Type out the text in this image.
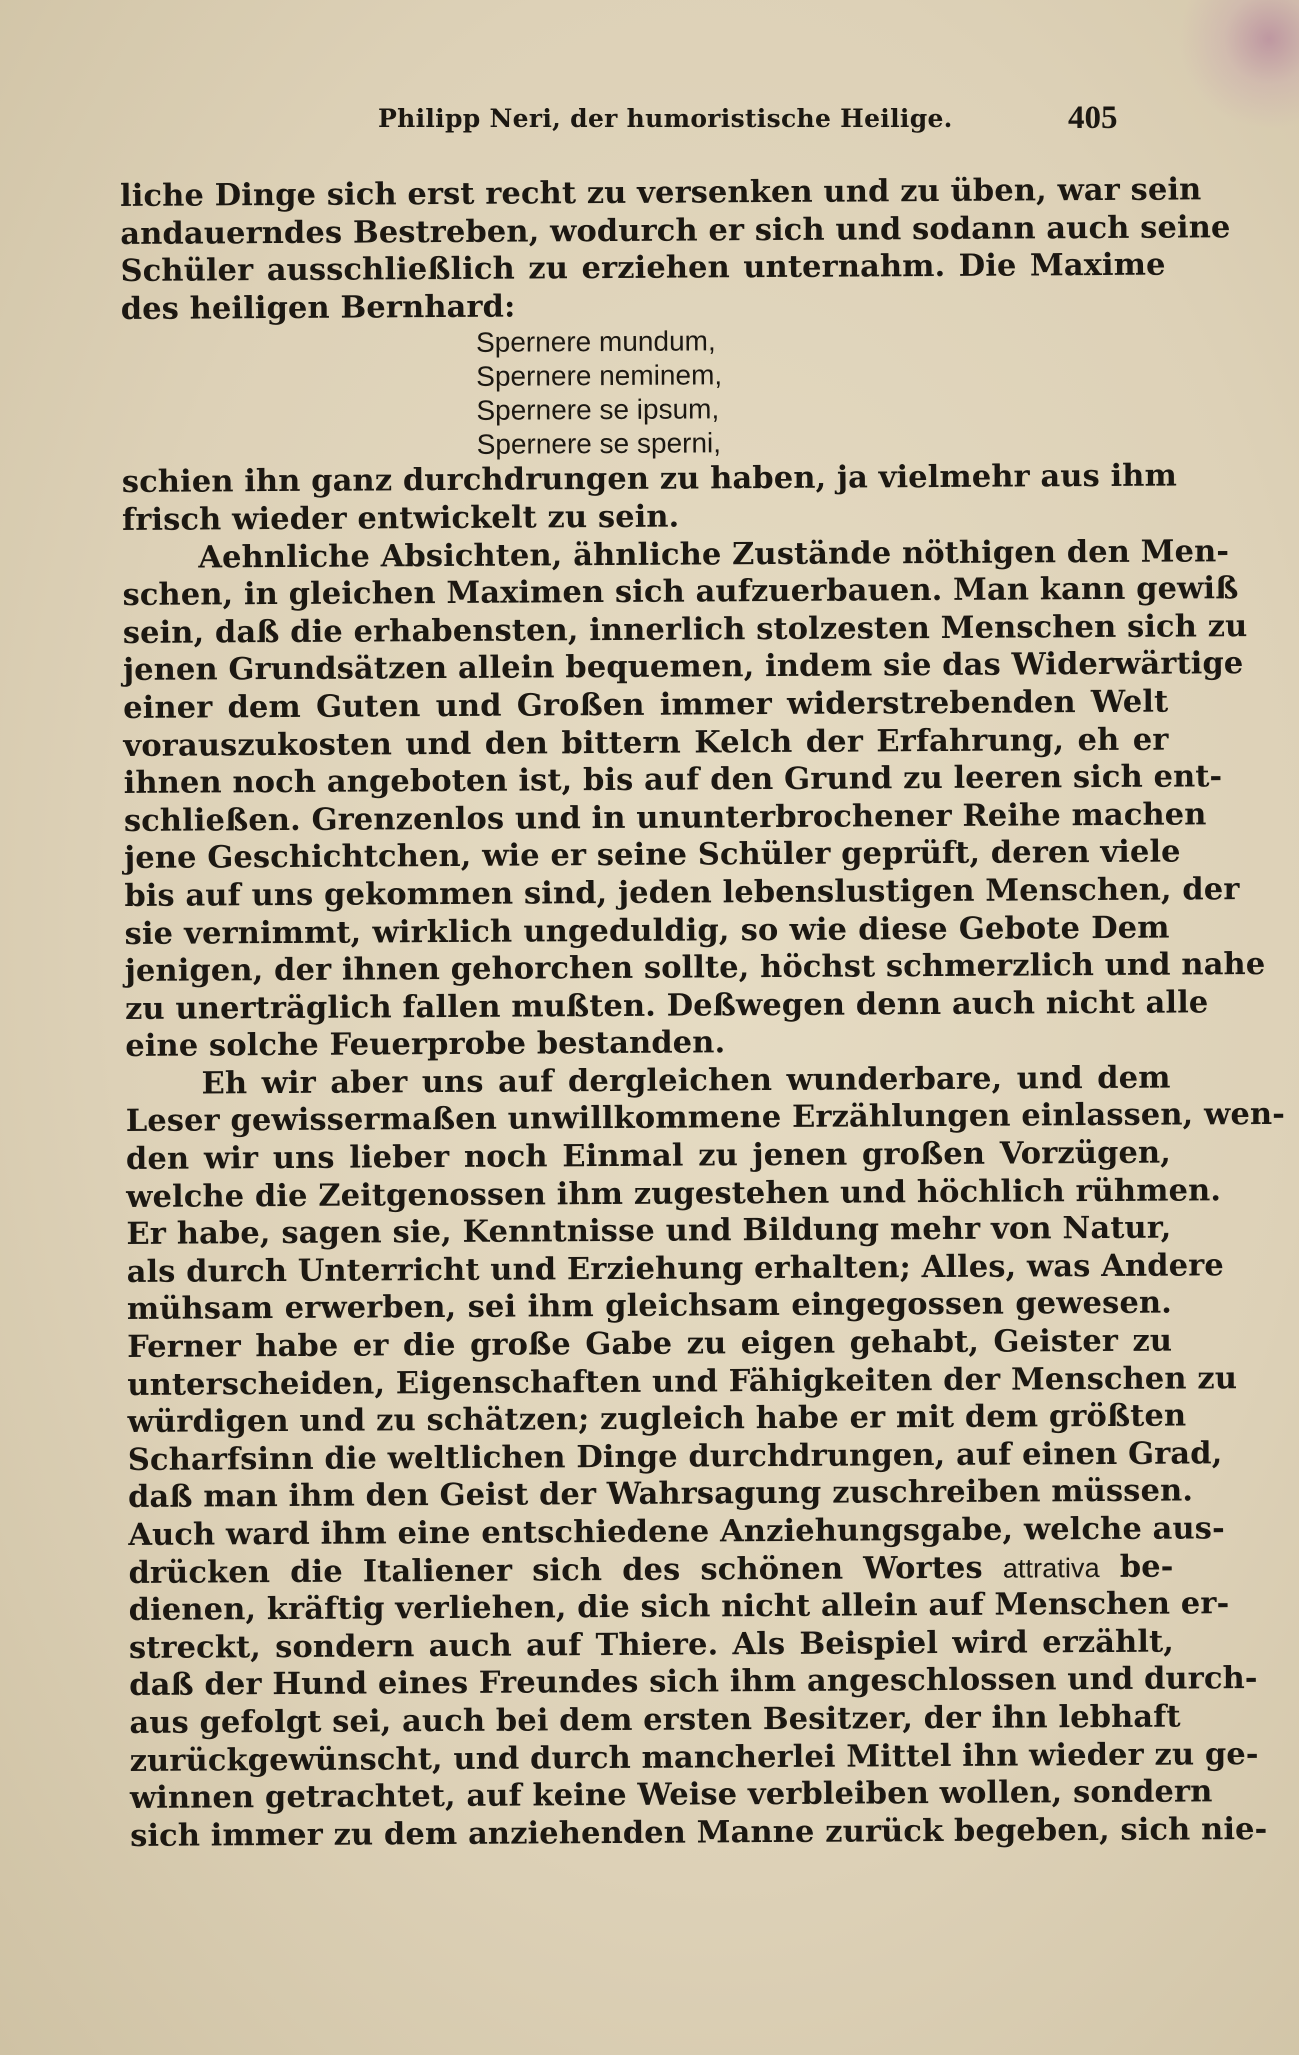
Philipp Neri, der humoristische Heilige.	405
liche Dinge sich erst recht zu versenken und zu üben, war sein
andauerndes Bestreben, wodurch er sich und sodann auch seine
Schüler ausschließlich zu erziehen unternahm. Die Maxime
des heiligen Bernhard:
Spernere mundum,
Spernere neminem,
Spernere se ipsum,
Spernere se sperni,
schien ihn ganz durchdrungen zu haben, ja vielmehr aus ihm
frisch wieder entwickelt zu sein.
Aehnliche Absichten, ähnliche Zustände nöthigen den Men-
schen, in gleichen Maximen sich aufzuerbauen. Man kann gewiß
sein, daß die erhabensten, innerlich stolzesten Menschen sich zu
jenen Grundsätzen allein bequemen, indem sie das Widerwärtige
einer dem Guten und Großen immer widerstrebenden Welt
vorauszukosten und den bittern Kelch der Erfahrung, eh er
ihnen noch angeboten ist, bis auf den Grund zu leeren sich ent-
schließen. Grenzenlos und in ununterbrochener Reihe machen
jene Geschichtchen, wie er seine Schüler geprüft, deren viele
bis auf uns gekommen sind, jeden lebenslustigen Menschen, der
sie vernimmt, wirklich ungeduldig, so wie diese Gebote Dem
jenigen, der ihnen gehorchen sollte, höchst schmerzlich und nahe
zu unerträglich fallen mußten. Deßwegen denn auch nicht alle
eine solche Feuerprobe bestanden.
Eh wir aber uns auf dergleichen wunderbare, und dem
Leser gewissermaßen unwillkommene Erzählungen einlassen, wen-
den wir uns lieber noch Einmal zu jenen großen Vorzügen,
welche die Zeitgenossen ihm zugestehen und höchlich rühmen.
Er habe, sagen sie, Kenntnisse und Bildung mehr von Natur,
als durch Unterricht und Erziehung erhalten; Alles, was Andere
mühsam erwerben, sei ihm gleichsam eingegossen gewesen.
Ferner habe er die große Gabe zu eigen gehabt, Geister zu
unterscheiden, Eigenschaften und Fähigkeiten der Menschen zu
würdigen und zu schätzen; zugleich habe er mit dem größten
Scharfsinn die weltlichen Dinge durchdrungen, auf einen Grad,
daß man ihm den Geist der Wahrsagung zuschreiben müssen.
Auch ward ihm eine entschiedene Anziehungsgabe, welche aus-
drücken die Italiener sich des schönen Wortes attrativa be-
dienen, kräftig verliehen, die sich nicht allein auf Menschen er-
streckt, sondern auch auf Thiere. Als Beispiel wird erzählt,
daß der Hund eines Freundes sich ihm angeschlossen und durch-
aus gefolgt sei, auch bei dem ersten Besitzer, der ihn lebhaft
zurückgewünscht, und durch mancherlei Mittel ihn wieder zu ge-
winnen getrachtet, auf keine Weise verbleiben wollen, sondern
sich immer zu dem anziehenden Manne zurück begeben, sich nie-
